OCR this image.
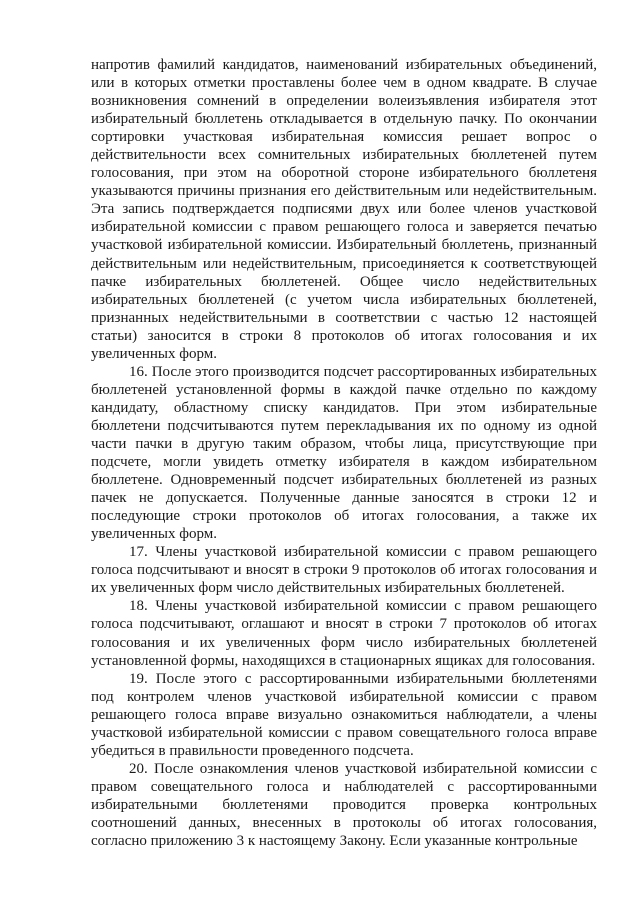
напротив фамилий кандидатов, наименований избирательных объединений, или в которых отметки проставлены более чем в одном квадрате. В случае возникновения сомнений в определении волеизъявления избирателя этот избирательный бюллетень откладывается в отдельную пачку. По окончании сортировки участковая избирательная комиссия решает вопрос о действительности всех сомнительных избирательных бюллетеней путем голосования, при этом на оборотной стороне избирательного бюллетеня указываются причины признания его действительным или недействительным. Эта запись подтверждается подписями двух или более членов участковой избирательной комиссии с правом решающего голоса и заверяется печатью участковой избирательной комиссии. Избирательный бюллетень, признанный действительным или недействительным, присоединяется к соответствующей пачке избирательных бюллетеней. Общее число недействительных избирательных бюллетеней (с учетом числа избирательных бюллетеней, признанных недействительными в соответствии с частью 12 настоящей статьи) заносится в строки 8 протоколов об итогах голосования и их увеличенных форм.

16. После этого производится подсчет рассортированных избирательных бюллетеней установленной формы в каждой пачке отдельно по каждому кандидату, областному списку кандидатов. При этом избирательные бюллетени подсчитываются путем перекладывания их по одному из одной части пачки в другую таким образом, чтобы лица, присутствующие при подсчете, могли увидеть отметку избирателя в каждом избирательном бюллетене. Одновременный подсчет избирательных бюллетеней из разных пачек не допускается. Полученные данные заносятся в строки 12 и последующие строки протоколов об итогах голосования, а также их увеличенных форм.

17. Члены участковой избирательной комиссии с правом решающего голоса подсчитывают и вносят в строки 9 протоколов об итогах голосования и их увеличенных форм число действительных избирательных бюллетеней.

18. Члены участковой избирательной комиссии с правом решающего голоса подсчитывают, оглашают и вносят в строки 7 протоколов об итогах голосования и их увеличенных форм число избирательных бюллетеней установленной формы, находящихся в стационарных ящиках для голосования.

19. После этого с рассортированными избирательными бюллетенями под контролем членов участковой избирательной комиссии с правом решающего голоса вправе визуально ознакомиться наблюдатели, а члены участковой избирательной комиссии с правом совещательного голоса вправе убедиться в правильности проведенного подсчета.

20. После ознакомления членов участковой избирательной комиссии с правом совещательного голоса и наблюдателей с рассортированными избирательными бюллетенями проводится проверка контрольных соотношений данных, внесенных в протоколы об итогах голосования, согласно приложению 3 к настоящему Закону. Если указанные контрольные
